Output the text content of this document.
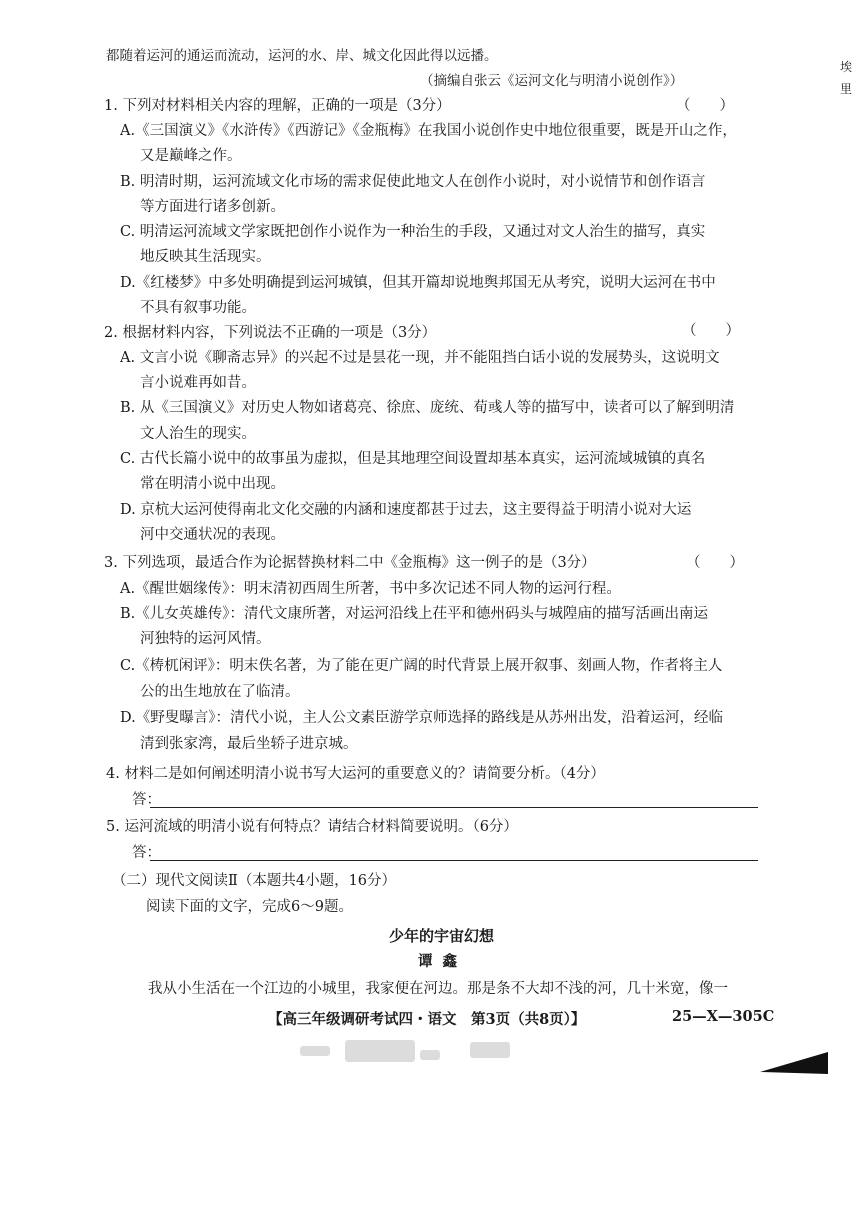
都随着运河的通运而流动，运河的水、岸、城文化因此得以远播。
（摘编自张云《运河文化与明清小说创作》）
埃
里
1. 下列对材料相关内容的理解，正确的一项是（3分）	（　　）
A.《三国演义》《水浒传》《西游记》《金瓶梅》在我国小说创作史中地位很重要，既是开山之作，
又是巅峰之作。
B. 明清时期，运河流域文化市场的需求促使此地文人在创作小说时，对小说情节和创作语言
等方面进行诸多创新。
C. 明清运河流域文学家既把创作小说作为一种治生的手段，又通过对文人治生的描写，真实
地反映其生活现实。
D.《红楼梦》中多处明确提到运河城镇，但其开篇却说地舆邦国无从考究，说明大运河在书中
不具有叙事功能。
2. 根据材料内容，下列说法不正确的一项是（3分）	（　　）
A. 文言小说《聊斋志异》的兴起不过是昙花一现，并不能阻挡白话小说的发展势头，这说明文
言小说难再如昔。
B. 从《三国演义》对历史人物如诸葛亮、徐庶、庞统、荀彧人等的描写中，读者可以了解到明清
文人治生的现实。
C. 古代长篇小说中的故事虽为虚拟，但是其地理空间设置却基本真实，运河流域城镇的真名
常在明清小说中出现。
D. 京杭大运河使得南北文化交融的内涵和速度都甚于过去，这主要得益于明清小说对大运
河中交通状况的表现。
3. 下列选项，最适合作为论据替换材料二中《金瓶梅》这一例子的是（3分）	（　　）
A.《醒世姻缘传》：明末清初西周生所著，书中多次记述不同人物的运河行程。
B.《儿女英雄传》：清代文康所著，对运河沿线上茌平和德州码头与城隍庙的描写活画出南运
河独特的运河风情。
C.《梼杌闲评》：明末佚名著，为了能在更广阔的时代背景上展开叙事、刻画人物，作者将主人
公的出生地放在了临清。
D.《野叟曝言》：清代小说，主人公文素臣游学京师选择的路线是从苏州出发，沿着运河，经临
清到张家湾，最后坐轿子进京城。
4. 材料二是如何阐述明清小说书写大运河的重要意义的？请简要分析。（4分）
答：
5. 运河流域的明清小说有何特点？请结合材料简要说明。（6分）
答：
（二）现代文阅读Ⅱ（本题共4小题，16分）
阅读下面的文字，完成6～9题。
少年的宇宙幻想
谭鑫
我从小生活在一个江边的小城里，我家便在河边。那是条不大却不浅的河，几十米宽，像一
【高三年级调研考试四・语文　第3页（共8页）】	25—X—305C
